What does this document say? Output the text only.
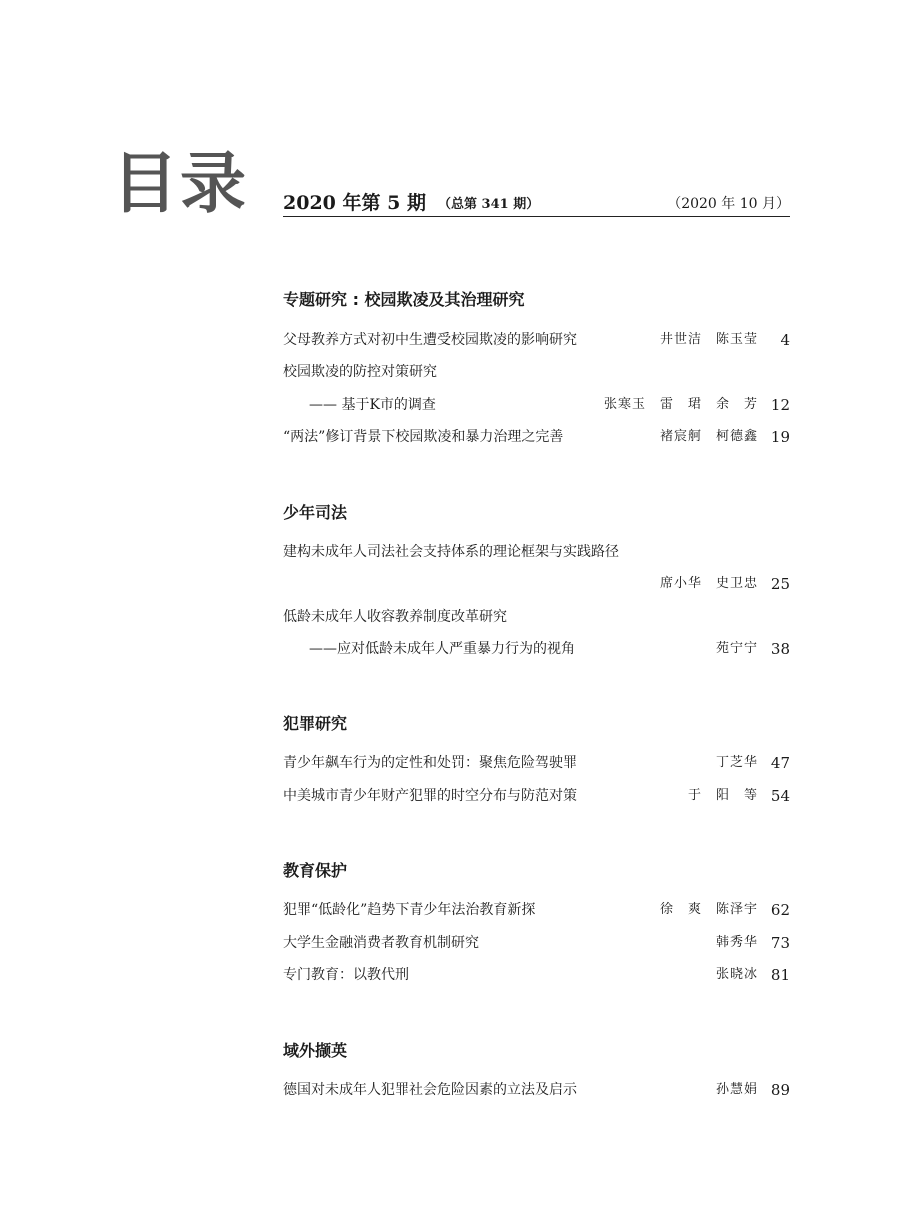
目录 2020 年第 5 期 （总第 341 期）	（2020 年 10 月）
专题研究 : 校园欺凌及其治理研究
父母教养方式对初中生遭受校园欺凌的影响研究	井世洁　陈玉莹 4
校园欺凌的防控对策研究
—— 基于K市的调查	张寒玉　雷　珺　余　芳 12
“两法”修订背景下校园欺凌和暴力治理之完善	褚宸舸　柯德鑫 19
少年司法
建构未成年人司法社会支持体系的理论框架与实践路径
席小华　史卫忠 25
低龄未成年人收容教养制度改革研究
——应对低龄未成年人严重暴力行为的视角	苑宁宁 38
犯罪研究
青少年飙车行为的定性和处罚：聚焦危险驾驶罪	丁芝华 47
中美城市青少年财产犯罪的时空分布与防范对策	于　阳　等 54
教育保护
犯罪“低龄化”趋势下青少年法治教育新探	徐　爽　陈泽宇 62
大学生金融消费者教育机制研究	韩秀华 73
专门教育：以教代刑	张晓冰 81
域外撷英
德国对未成年人犯罪社会危险因素的立法及启示	孙慧娟 89
